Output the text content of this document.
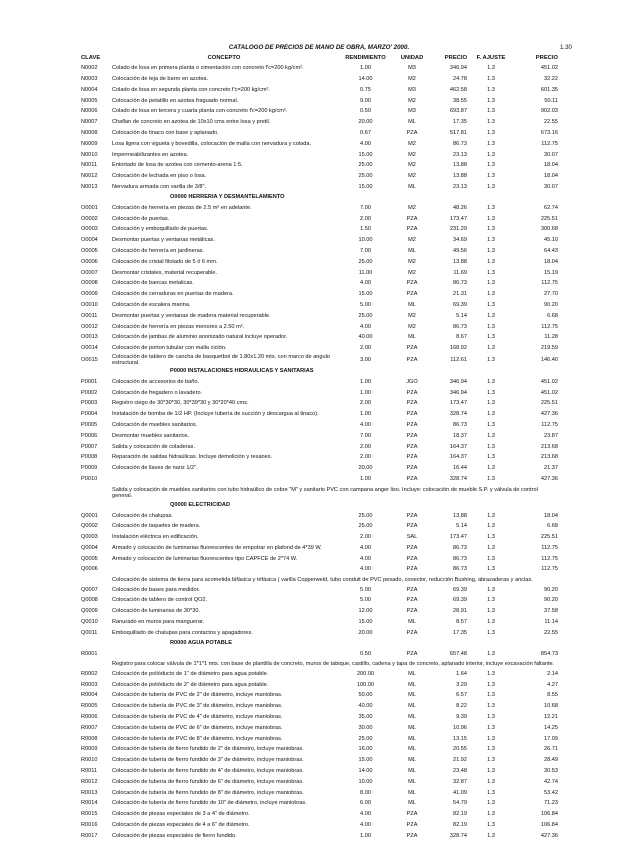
CATALOGO DE PRECIOS DE MANO DE OBRA, MARZO' 2000.	1.30
CLAVE	CONCEPTO	RENDIMIENTO	UNIDAD	PRECIO	F. AJUSTE	PRECIO
N0002	Colado de losa en primera planta o cimentación con concreto f'c=200 kg/cm².	1.00	M3	346.94	1.3	451.02
N0003	Colocación de teja de barro en azotea.	14.00	M2	24.78	1.3	32.22
N0004	Colado de losa en segunda planta con concreto f'c=200 kg/cm².	0.75	M3	462.58	1.3	601.35
N0005	Colocación de petatillo en azotea fraguado normal.	9.00	M2	38.55	1.3	50.11
N0006	Colado de losa en tercera y cuarta planta con concreto f'c=200 kg/cm².	0.50	M3	693.87	1.3	902.03
N0007	Chaflan de concreto en azotea de 10x10 cms entre losa y pretil.	20.00	ML	17.35	1.3	22.55
N0008	Colocación de tinaco con base y aplanado.	0.67	PZA	517.81	1.3	673.16
N0009	Losa ligera con vigueta y bovedilla, colocación de malla con nervadura y colada.	4.00	M2	86.73	1.3	112.75
N0010	Impermeabilizantes en azotea.	15.00	M2	23.13	1.3	30.07
N0011	Entortado de losa de azotea con cemento-arena 1:5.	25.00	M2	13.88	1.3	18.04
N0012	Colocación de lechada en piso o losa.	25.00	M2	13.88	1.3	18.04
N0013	Nervadura armada con varilla de 3/8".	15.00	ML	23.13	1.3	30.07
	O0000 HERRERIA Y DESMANTELAMIENTO					
O0001	Colocación de herrería en piezas de 2.5 m² en adelante.	7.00	M2	48.26	1.3	62.74
O0002	Colocación de puertas.	2.00	PZA	173.47	1.3	225.51
O0003	Colocación y emboquillado de puertas.	1.50	PZA	231.29	1.3	300.68
O0004	Desmontar puertas y ventanas metálicas.	10.00	M2	34.69	1.3	45.10
O0005	Colocación de herrería en jardineras.	7.00	ML	49.56	1.3	64.43
O0006	Colocación de cristal filotado de 5 ó 6 mm.	25.00	M2	13.88	1.3	18.04
O0007	Desmontar cristales, material recuperable.	11.00	M2	11.69	1.3	15.19
O0008	Colocación de bancas metalicas.	4.00	PZA	86.73	1.3	112.75
O0009	Colocación de cerraduras en puertas de madera.	15.00	PZA	21.31	1.3	27.70
O0010	Colocación de escalera marina.	5.00	ML	69.39	1.3	90.20
O0011	Desmontar puertas y ventanas de madera material recuperable.	25.00	M2	5.14	1.3	6.68
O0012	Colocación de herrería en piezas menores a 2.50 m².	4.00	M2	86.73	1.3	112.75
O0013	Colocación de jambas de aluminio anonizado natural incluye operador.	40.00	ML	8.67	1.3	11.28
O0014	Colocación de porton tubular con malla ciclón.	2.00	PZA	168.92	1.3	219.59
O0015	Colocación de tablero de cancha de basquetbol de 1.80x1.20 mts. con marco de angulo estructural.	3.00	PZA	112.61	1.3	146.40
	P0000 INSTALACIONES HIDRAULICAS Y SANITARIAS					
P0001	Colocación de accesorios de baño.	1.00	JGO	346.94	1.3	451.02
P0002	Colocación de fregadero o lavadero.	1.00	PZA	346.94	1.3	451.02
P0003	Registro ciego de 30*30*30, 30*39*30 y 30*20*40 cms.	2.00	PZA	173.47	1.3	225.51
P0004	Instalación de bomba de 1/2 HP. (Incluye tubería de succión y descargua al tinaco).	1.00	PZA	328.74	1.3	427.36
P0005	Colocación de muebles sanitarios.	4.00	PZA	86.73	1.3	112.75
P0006	Desmontar muebles sanitarios.	7.00	PZA	18.37	1.3	23.87
P0007	Salida y colocación de coladeras.	2.00	PZA	164.37	1.3	213.68
P0008	Reparación de salidas hidraúlicas. Incluye demolición y resanes.	2.00	PZA	164.37	1.3	213.68
P0009	Colocación de llaves de nariz 1/2".	20.00	PZA	16.44	1.3	21.37
P0010		1.00	PZA	328.74	1.3	427.36
	Salida y colocación de muebles sanitarios con tubo hidraúlico de cobre "M" y sanitario PVC con campana anger liso. Incluye: colocación de mueble S.P. y válvula de control general.					
	Q0000 ELECTRICIDAD					
Q0001	Colocación de chalupas.	25.00	PZA	13.88	1.3	18.04
Q0002	Colocación de taquetes de madera.	25.00	PZA	5.14	1.3	6.68
Q0003	Instalación eléctrica en edificación.	2.00	SAL	173.47	1.3	225.51
Q0004	Armado y colocación de luminarias fluorescentes de empotrar en plafond de 4*39 W.	4.00	PZA	86.73	1.3	112.75
Q0005	Armado y colocación de luminarias fluorescentes tipo CAPFCE de 2*74 W.	4.00	PZA	86.73	1.3	112.75
Q0006		4.00	PZA	86.73	1.3	112.75
	Colocación de sistema de tierra para acometida bifásica y trifásica ( varilla Copperweld, tubo conduit de PVC pesado, conector, reducción Bushing, abrazaderas y anclas.					
Q0007	Colocación de bases para medidor.	5.00	PZA	69.39	1.3	90.20
Q0008	Colocación de tablero de control QO2.	5.00	PZA	69.39	1.3	90.20
Q0009	Colocación de luminarias de 30*30.	12.00	PZA	28.91	1.3	37.58
Q0010	Ranurado en muros para manguerar.	15.00	ML	8.57	1.3	11.14
Q0011	Emboquillado de chalupas para contactos y apagadores.	20.00	PZA	17.35	1.3	22.55
	R0000 AGUA POTABLE					
R0001		0.50	PZA	657.48	1.3	854.73
	Registro para colocar válvula de 1*1*1 mts. con base de plantilla de concreto, muros de tabique, castillo, cadena y tapa de concreto, aplanado interior, incluye excavación faltante.					
R0002	Colocación de polióducto de 1" de diámetro para agua potable.	200.00	ML	1.64	1.3	2.14
R0003	Colocación de polióducto de 2" de diámetro para agua potable.	100.00	ML	3.29	1.3	4.27
R0004	Colocación de tubería de PVC de 2" de diámetro, incluye maniobras.	50.00	ML	6.57	1.3	8.55
R0005	Colocación de tubería de PVC de 3" de diámetro, incluye maniobras.	40.00	ML	8.22	1.3	10.68
R0006	Colocación de tubería de PVC de 4" de diámetro, incluye maniobras.	35.00	ML	9.39	1.3	12.21
R0007	Colocación de tubería de PVC de 6" de diámetro, incluye maniobras.	30.00	ML	10.96	1.3	14.25
R0008	Colocación de tubería de PVC de 8" de diámetro, incluye maniobras.	25.00	ML	13.15	1.3	17.09
R0009	Colocación de tubería de fierro fundido de 2" de diámetro, incluye maniobras.	16.00	ML	20.55	1.3	26.71
R0010	Colocación de tubería de fierro fundido de 3" de diámetro, incluye maniobras.	15.00	ML	21.92	1.3	28.49
R0011	Colocación de tubería de fierro fundido de 4" de diámetro, incluye maniobras.	14.00	ML	23.48	1.3	30.53
R0012	Colocación de tubería de fierro fundido de 6" de diámetro, incluye maniobras.	10.00	ML	32.87	1.3	42.74
R0013	Colocación de tubería de fierro fundido de 8" de diámetro, incluye maniobras.	8.00	ML	41.09	1.3	53.42
R0014	Colocación de tubería de fierro fundido de 10" de diámetro, incluye maniobras.	6.00	ML	54.79	1.3	71.23
R0015	Colocación de piezas especiales de 3 a 4" de diámetro.	4.00	PZA	82.19	1.3	106.84
R0016	Colocación de piezas especiales de 4 a 6" de diámetro.	4.00	PZA	82.19	1.3	106.84
R0017	Colocación de piezas especiales de fierro fundido.	1.00	PZA	328.74	1.3	427.36
